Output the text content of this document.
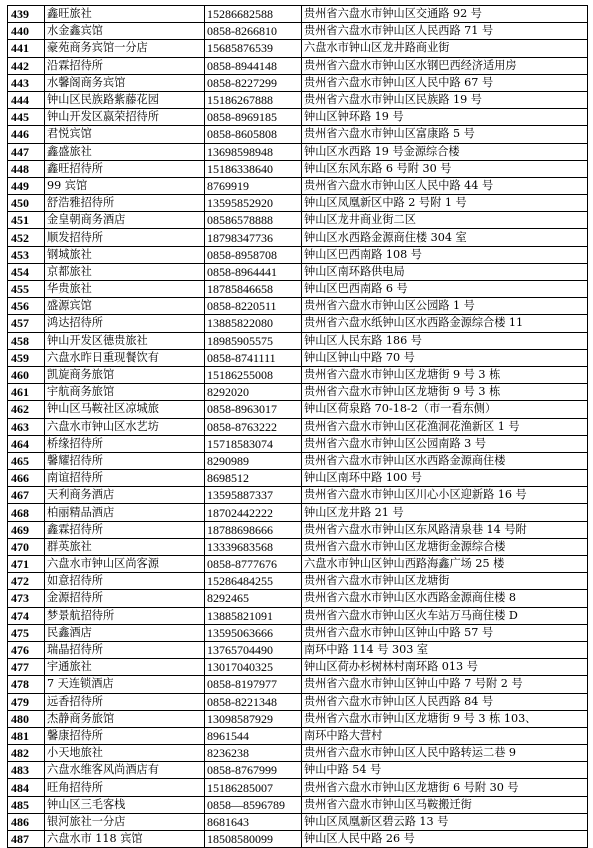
439	鑫旺旅社	15286682588	贵州省六盘水市钟山区交通路 92 号
440	水金鑫宾馆	0858-8266810	贵州省六盘水市钟山区人民西路 71 号
441	豪苑商务宾馆一分店	15685876539	六盘水市钟山区龙井路商业街
442	沿霖招待所	0858-8944148	贵州省六盘水市钟山区水钢巴西经济适用房
443	水馨阁商务宾馆	0858-8227299	贵州省六盘水市钟山区人民中路 67 号
444	钟山区民族路紫藤花园	15186267888	贵州省六盘水市钟山区民族路 19 号
445	钟山开发区嬴荣招待所	0858-8969185	钟山区钟环路 19 号
446	君悦宾馆	0858-8605808	贵州省六盘水市钟山区富康路 5 号
447	鑫盛旅社	13698598948	钟山区水西路 19 号金源综合楼
448	鑫旺招待所	15186338640	钟山区东风东路 6 号附 30 号
449	99 宾馆	8769919	贵州省六盘水市钟山区人民中路 44 号
450	舒浩雅招待所	13595852920	钟山区凤凰新区中路 2 号附 1 号
451	金皇朝商务酒店	08586578888	钟山区龙井商业街二区
452	顺发招待所	18798347736	钟山区水西路金源商住楼 304 室
453	钢城旅社	0858-8958708	钟山区巴西南路 108 号
454	京都旅社	0858-8964441	钟山区南环路供电局
455	华贵旅社	18785846658	钟山区巴西南路 6 号
456	盛源宾馆	0858-8220511	贵州省六盘水市钟山区公园路 1 号
457	鸿达招待所	13885822080	贵州省六盘水纸钟山区水西路金源综合楼 11
458	钟山开发区德贵旅社	18985905575	钟山区人民东路 186 号
459	六盘水昨日重现餐饮有	0858-8741111	钟山区钟山中路 70 号
460	凯旋商务旅馆	15186255008	贵州省六盘水市钟山区龙塘街 9 号 3 栋
461	宇航商务旅馆	8292020	贵州省六盘水市钟山区龙塘街 9 号 3 栋
462	钟山区马鞍社区凉城旅	0858-8963017	钟山区荷泉路 70-18-2（市一看东侧）
463	六盘水市钟山区水艺坊	0858-8763222	贵州省六盘水市钟山区花渔洞花渔新区 1 号
464	桥缘招待所	15718583074	贵州省六盘水市钟山区公园南路 3 号
465	馨耀招待所	8290989	贵州省六盘水市钟山区水西路金源商住楼
466	南谊招待所	8698512	钟山区南环中路 100 号
467	天利商务酒店	13595887337	贵州省六盘水市钟山区川心小区迎新路 16 号
468	柏丽精品酒店	18702442222	钟山区龙井路 21 号
469	鑫霖招待所	18788698666	贵州省六盘水市钟山区东风路清泉巷 14 号附
470	群英旅社	13339683568	贵州省六盘水市钟山区龙塘街金源综合楼
471	六盘水市钟山区尚客源	0858-8777676	六盘水市钟山区钟山西路海鑫广场 25 楼
472	如意招待所	15286484255	贵州省六盘水市钟山区龙塘街
473	金源招待所	8292465	贵州省六盘水市钟山区水西路金源商住楼 8
474	梦景航招待所	13885821091	贵州省六盘水市钟山区火车站万马商住楼 D
475	民鑫酒店	13595063666	贵州省六盘水市钟山区钟山中路 57 号
476	瑞晶招待所	13765704490	南环中路 114 号 303 室
477	宇通旅社	13017040325	钟山区荷办杉树林村南环路 013 号
478	7 天连锁酒店	0858-8197977	贵州省六盘水市钟山区钟山中路 7 号附 2 号
479	远香招待所	0858-8221348	贵州省六盘水市钟山区人民西路 84 号
480	杰静商务旅馆	13098587929	贵州省六盘水市钟山区龙塘街 9 号 3 栋 103、
481	馨康招待所	8961544	南环中路大营村
482	小天地旅社	8236238	贵州省六盘水市钟山区人民中路转运二巷 9
483	六盘水维客风尚酒店有	0858-8767999	钟山中路 54 号
484	旺角招待所	15186285007	贵州省六盘水市钟山区龙塘街 6 号附 30 号
485	钟山区三毛客栈	0858—8596789	贵州省六盘水市钟山区马鞍搬迁街
486	银河旅社一分店	8681643	钟山区凤凰新区碧云路 13 号
487	六盘水市 118 宾馆	18508580099	钟山区人民中路 26 号
